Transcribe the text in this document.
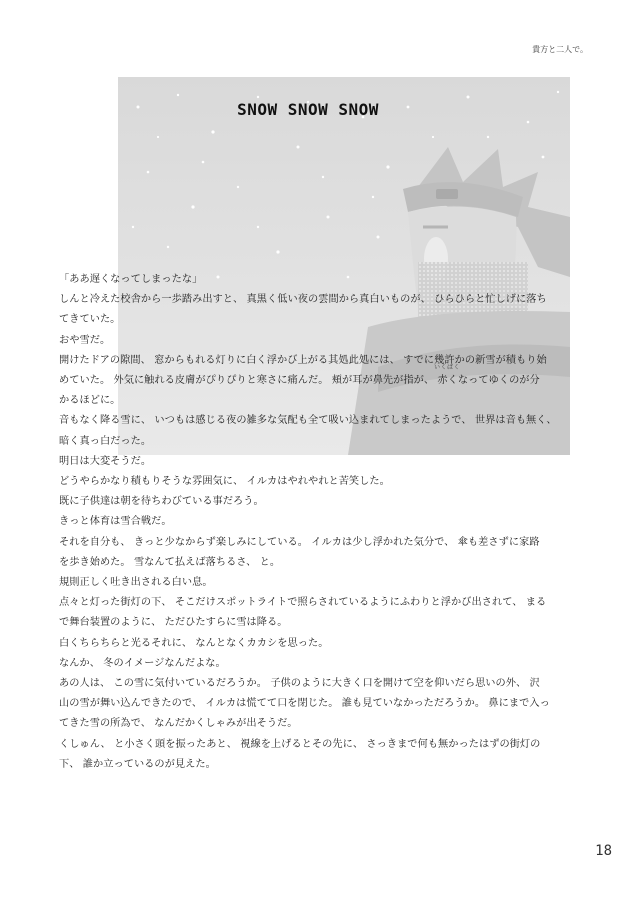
貴方と二人で。
SNOW SNOW SNOW
いくばく

「ああ遅くなってしまったな」

しんと冷えた校舎から一歩踏み出すと、 真黒く低い夜の雲間から真白いものが、 ひらひらと忙しげに落ち

てきていた。

おや雪だ。

開けたドアの隙間、 窓からもれる灯りに白く浮かび上がる其処此処には、 すでに幾許かの新雪が積もり始

めていた。 外気に触れる皮膚がぴりぴりと寒さに痛んだ。 頬が耳が鼻先が指が、 赤くなってゆくのが分

かるほどに。

音もなく降る雪に、 いつもは感じる夜の雑多な気配も全て吸い込まれてしまったようで、 世界は音も無く、

暗く真っ白だった。

明日は大変そうだ。

どうやらかなり積もりそうな雰囲気に、 イルカはやれやれと苦笑した。

既に子供達は朝を待ちわびている事だろう。

きっと体育は雪合戦だ。

それを自分も、 きっと少なからず楽しみにしている。 イルカは少し浮かれた気分で、 傘も差さずに家路

を歩き始めた。 雪なんて払えば落ちるさ、 と。

規則正しく吐き出される白い息。

点々と灯った街灯の下、 そこだけスポットライトで照らされているようにふわりと浮かび出されて、 まる

で舞台装置のように、 ただひたすらに雪は降る。

白くちらちらと光るそれに、 なんとなくカカシを思った。

なんか、 冬のイメージなんだよな。

あの人は、 この雪に気付いているだろうか。 子供のように大きく口を開けて空を仰いだら思いの外、 沢

山の雪が舞い込んできたので、 イルカは慌てて口を閉じた。 誰も見ていなかっただろうか。 鼻にまで入っ

てきた雪の所為で、 なんだかくしゃみが出そうだ。

くしゅん、 と小さく頭を振ったあと、 視線を上げるとその先に、 さっきまで何も無かったはずの街灯の

下、 誰か立っているのが見えた。

18
